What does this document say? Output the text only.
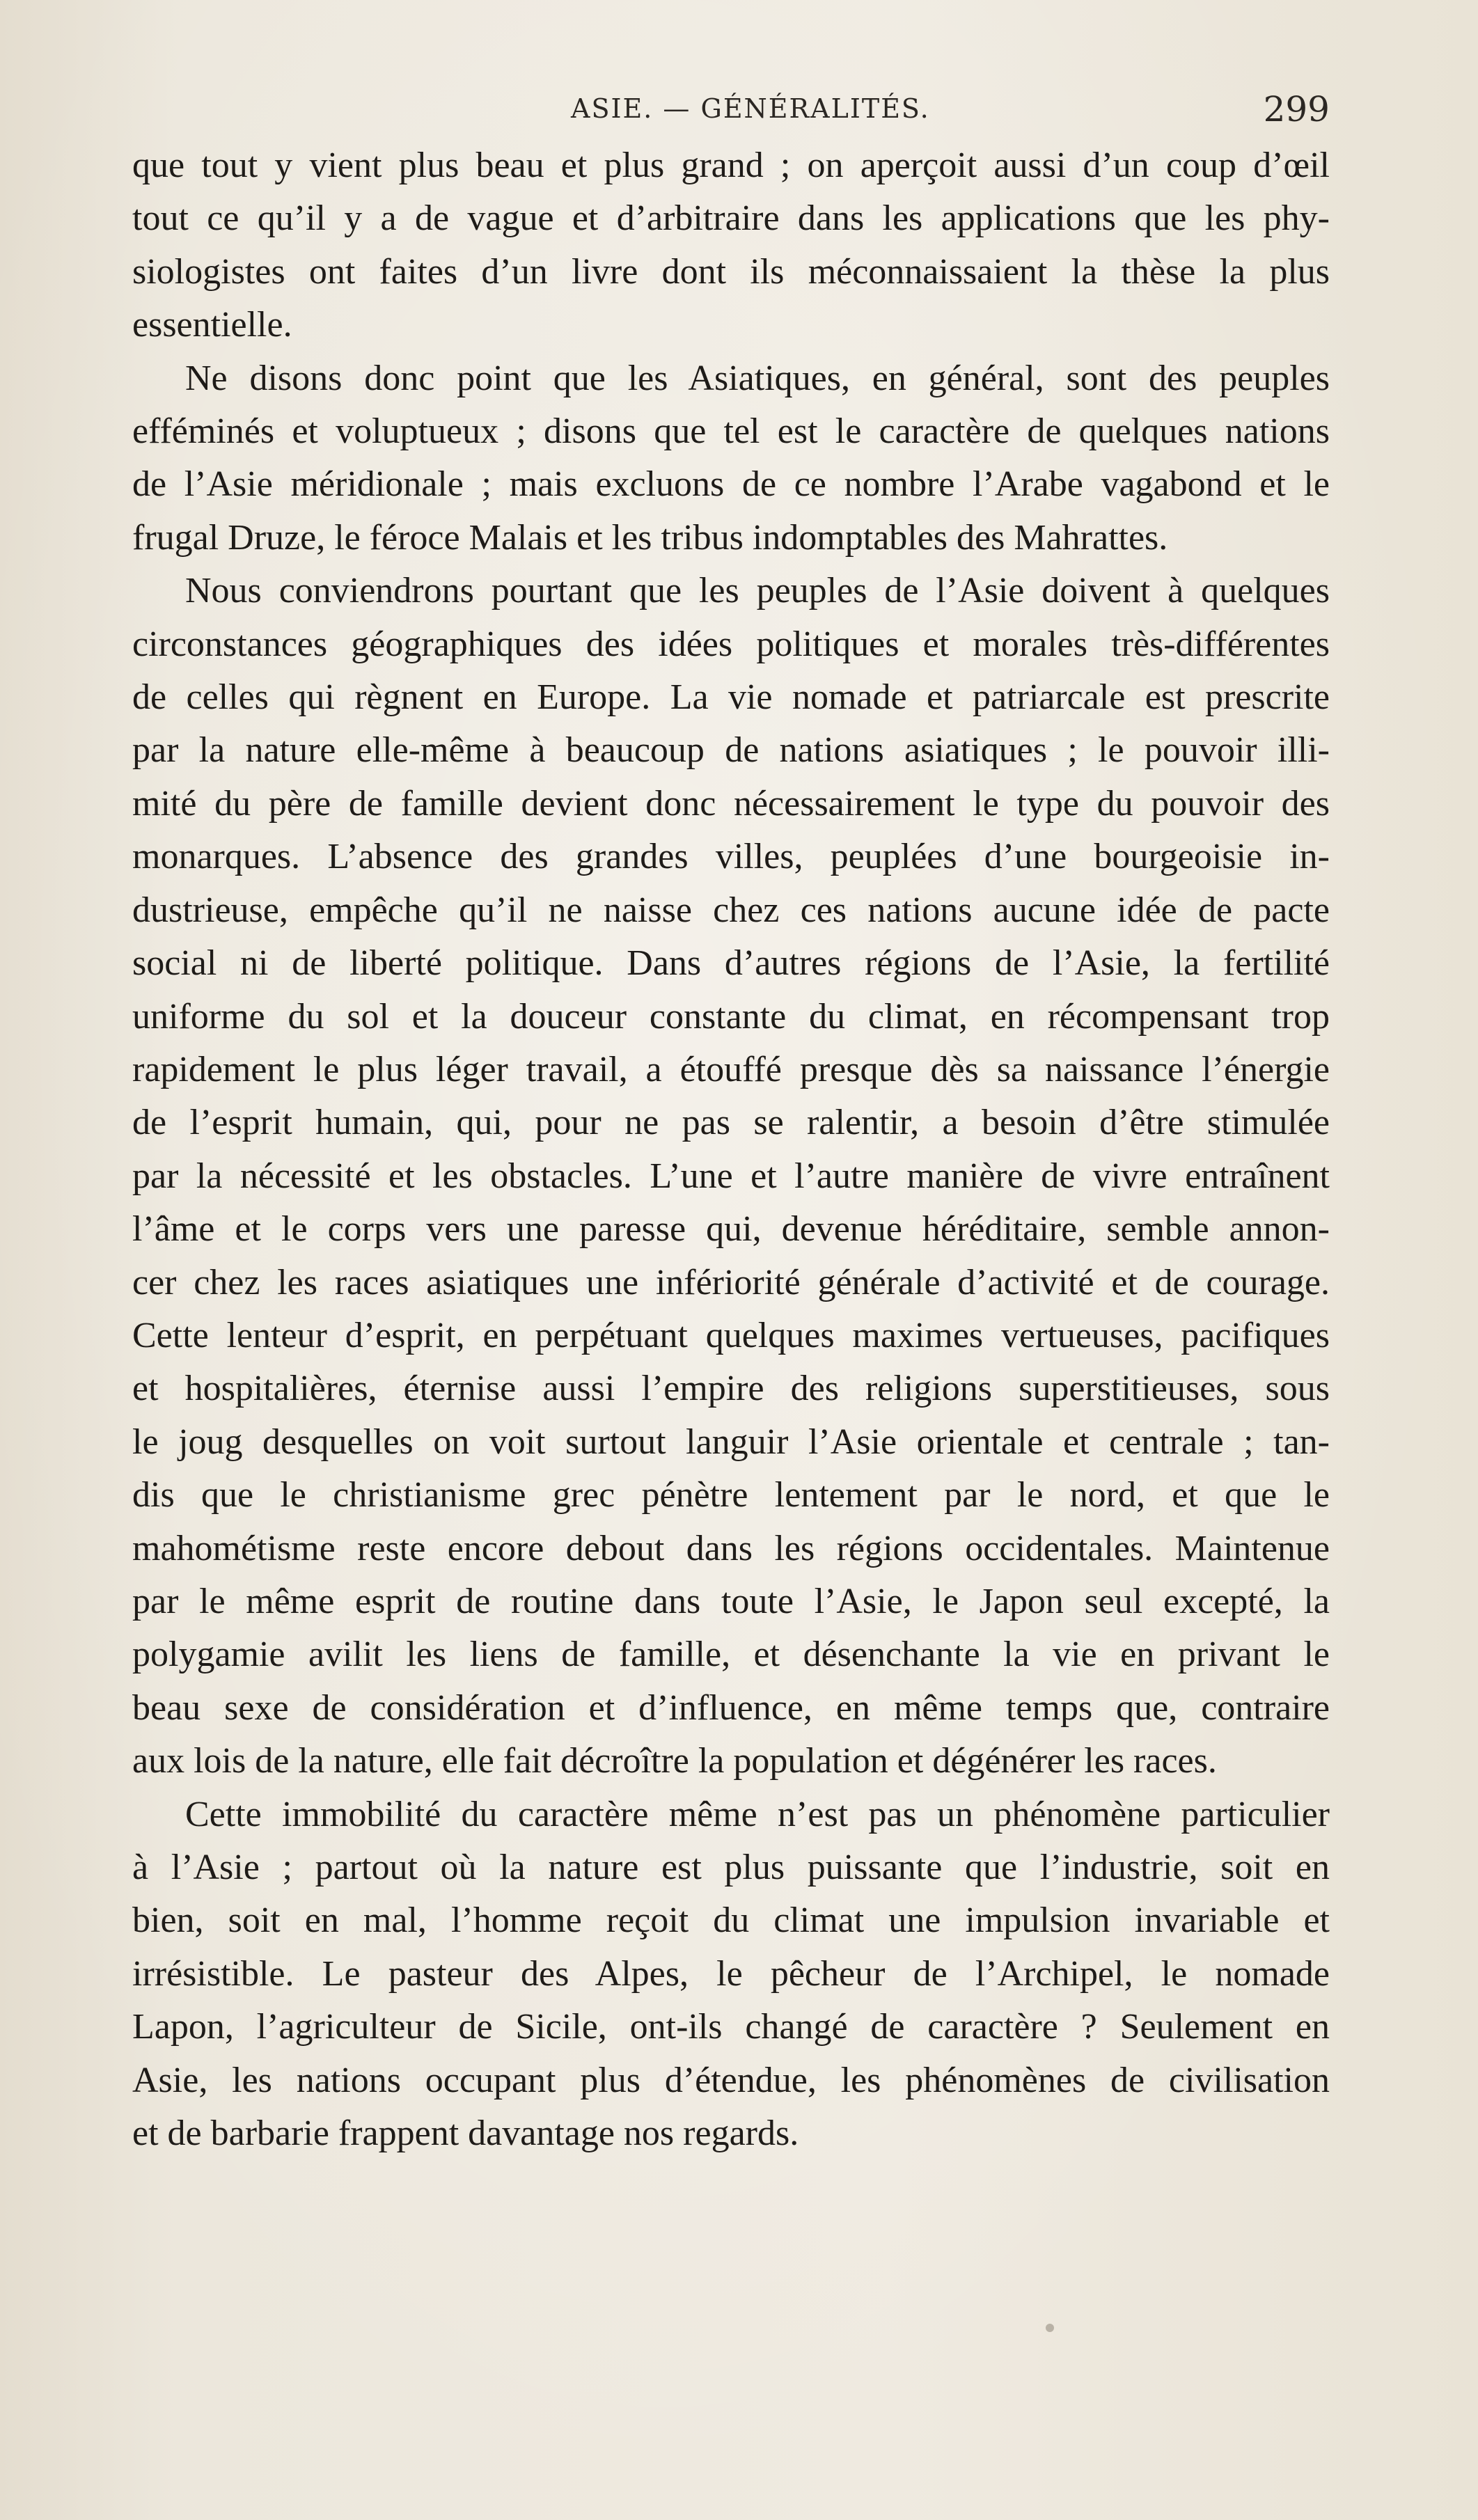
ASIE. — GÉNÉRALITÉS.	299
que tout y vient plus beau et plus grand ; on aperçoit aussi d’un coup d’œil
tout ce qu’il y a de vague et d’arbitraire dans les applications que les phy-
siologistes ont faites d’un livre dont ils méconnaissaient la thèse la plus
essentielle.
Ne disons donc point que les Asiatiques, en général, sont des peuples
efféminés et voluptueux ; disons que tel est le caractère de quelques nations
de l’Asie méridionale ; mais excluons de ce nombre l’Arabe vagabond et le
frugal Druze, le féroce Malais et les tribus indomptables des Mahrattes.
Nous conviendrons pourtant que les peuples de l’Asie doivent à quelques
circonstances géographiques des idées politiques et morales très-différentes
de celles qui règnent en Europe. La vie nomade et patriarcale est prescrite
par la nature elle-même à beaucoup de nations asiatiques ; le pouvoir illi-
mité du père de famille devient donc nécessairement le type du pouvoir des
monarques. L’absence des grandes villes, peuplées d’une bourgeoisie in-
dustrieuse, empêche qu’il ne naisse chez ces nations aucune idée de pacte
social ni de liberté politique. Dans d’autres régions de l’Asie, la fertilité
uniforme du sol et la douceur constante du climat, en récompensant trop
rapidement le plus léger travail, a étouffé presque dès sa naissance l’énergie
de l’esprit humain, qui, pour ne pas se ralentir, a besoin d’être stimulée
par la nécessité et les obstacles. L’une et l’autre manière de vivre entraînent
l’âme et le corps vers une paresse qui, devenue héréditaire, semble annon-
cer chez les races asiatiques une infériorité générale d’activité et de courage.
Cette lenteur d’esprit, en perpétuant quelques maximes vertueuses, pacifiques
et hospitalières, éternise aussi l’empire des religions superstitieuses, sous
le joug desquelles on voit surtout languir l’Asie orientale et centrale ; tan-
dis que le christianisme grec pénètre lentement par le nord, et que le
mahométisme reste encore debout dans les régions occidentales. Maintenue
par le même esprit de routine dans toute l’Asie, le Japon seul excepté, la
polygamie avilit les liens de famille, et désenchante la vie en privant le
beau sexe de considération et d’influence, en même temps que, contraire
aux lois de la nature, elle fait décroître la population et dégénérer les races.
Cette immobilité du caractère même n’est pas un phénomène particulier
à l’Asie ; partout où la nature est plus puissante que l’industrie, soit en
bien, soit en mal, l’homme reçoit du climat une impulsion invariable et
irrésistible. Le pasteur des Alpes, le pêcheur de l’Archipel, le nomade
Lapon, l’agriculteur de Sicile, ont-ils changé de caractère ? Seulement en
Asie, les nations occupant plus d’étendue, les phénomènes de civilisation
et de barbarie frappent davantage nos regards.
